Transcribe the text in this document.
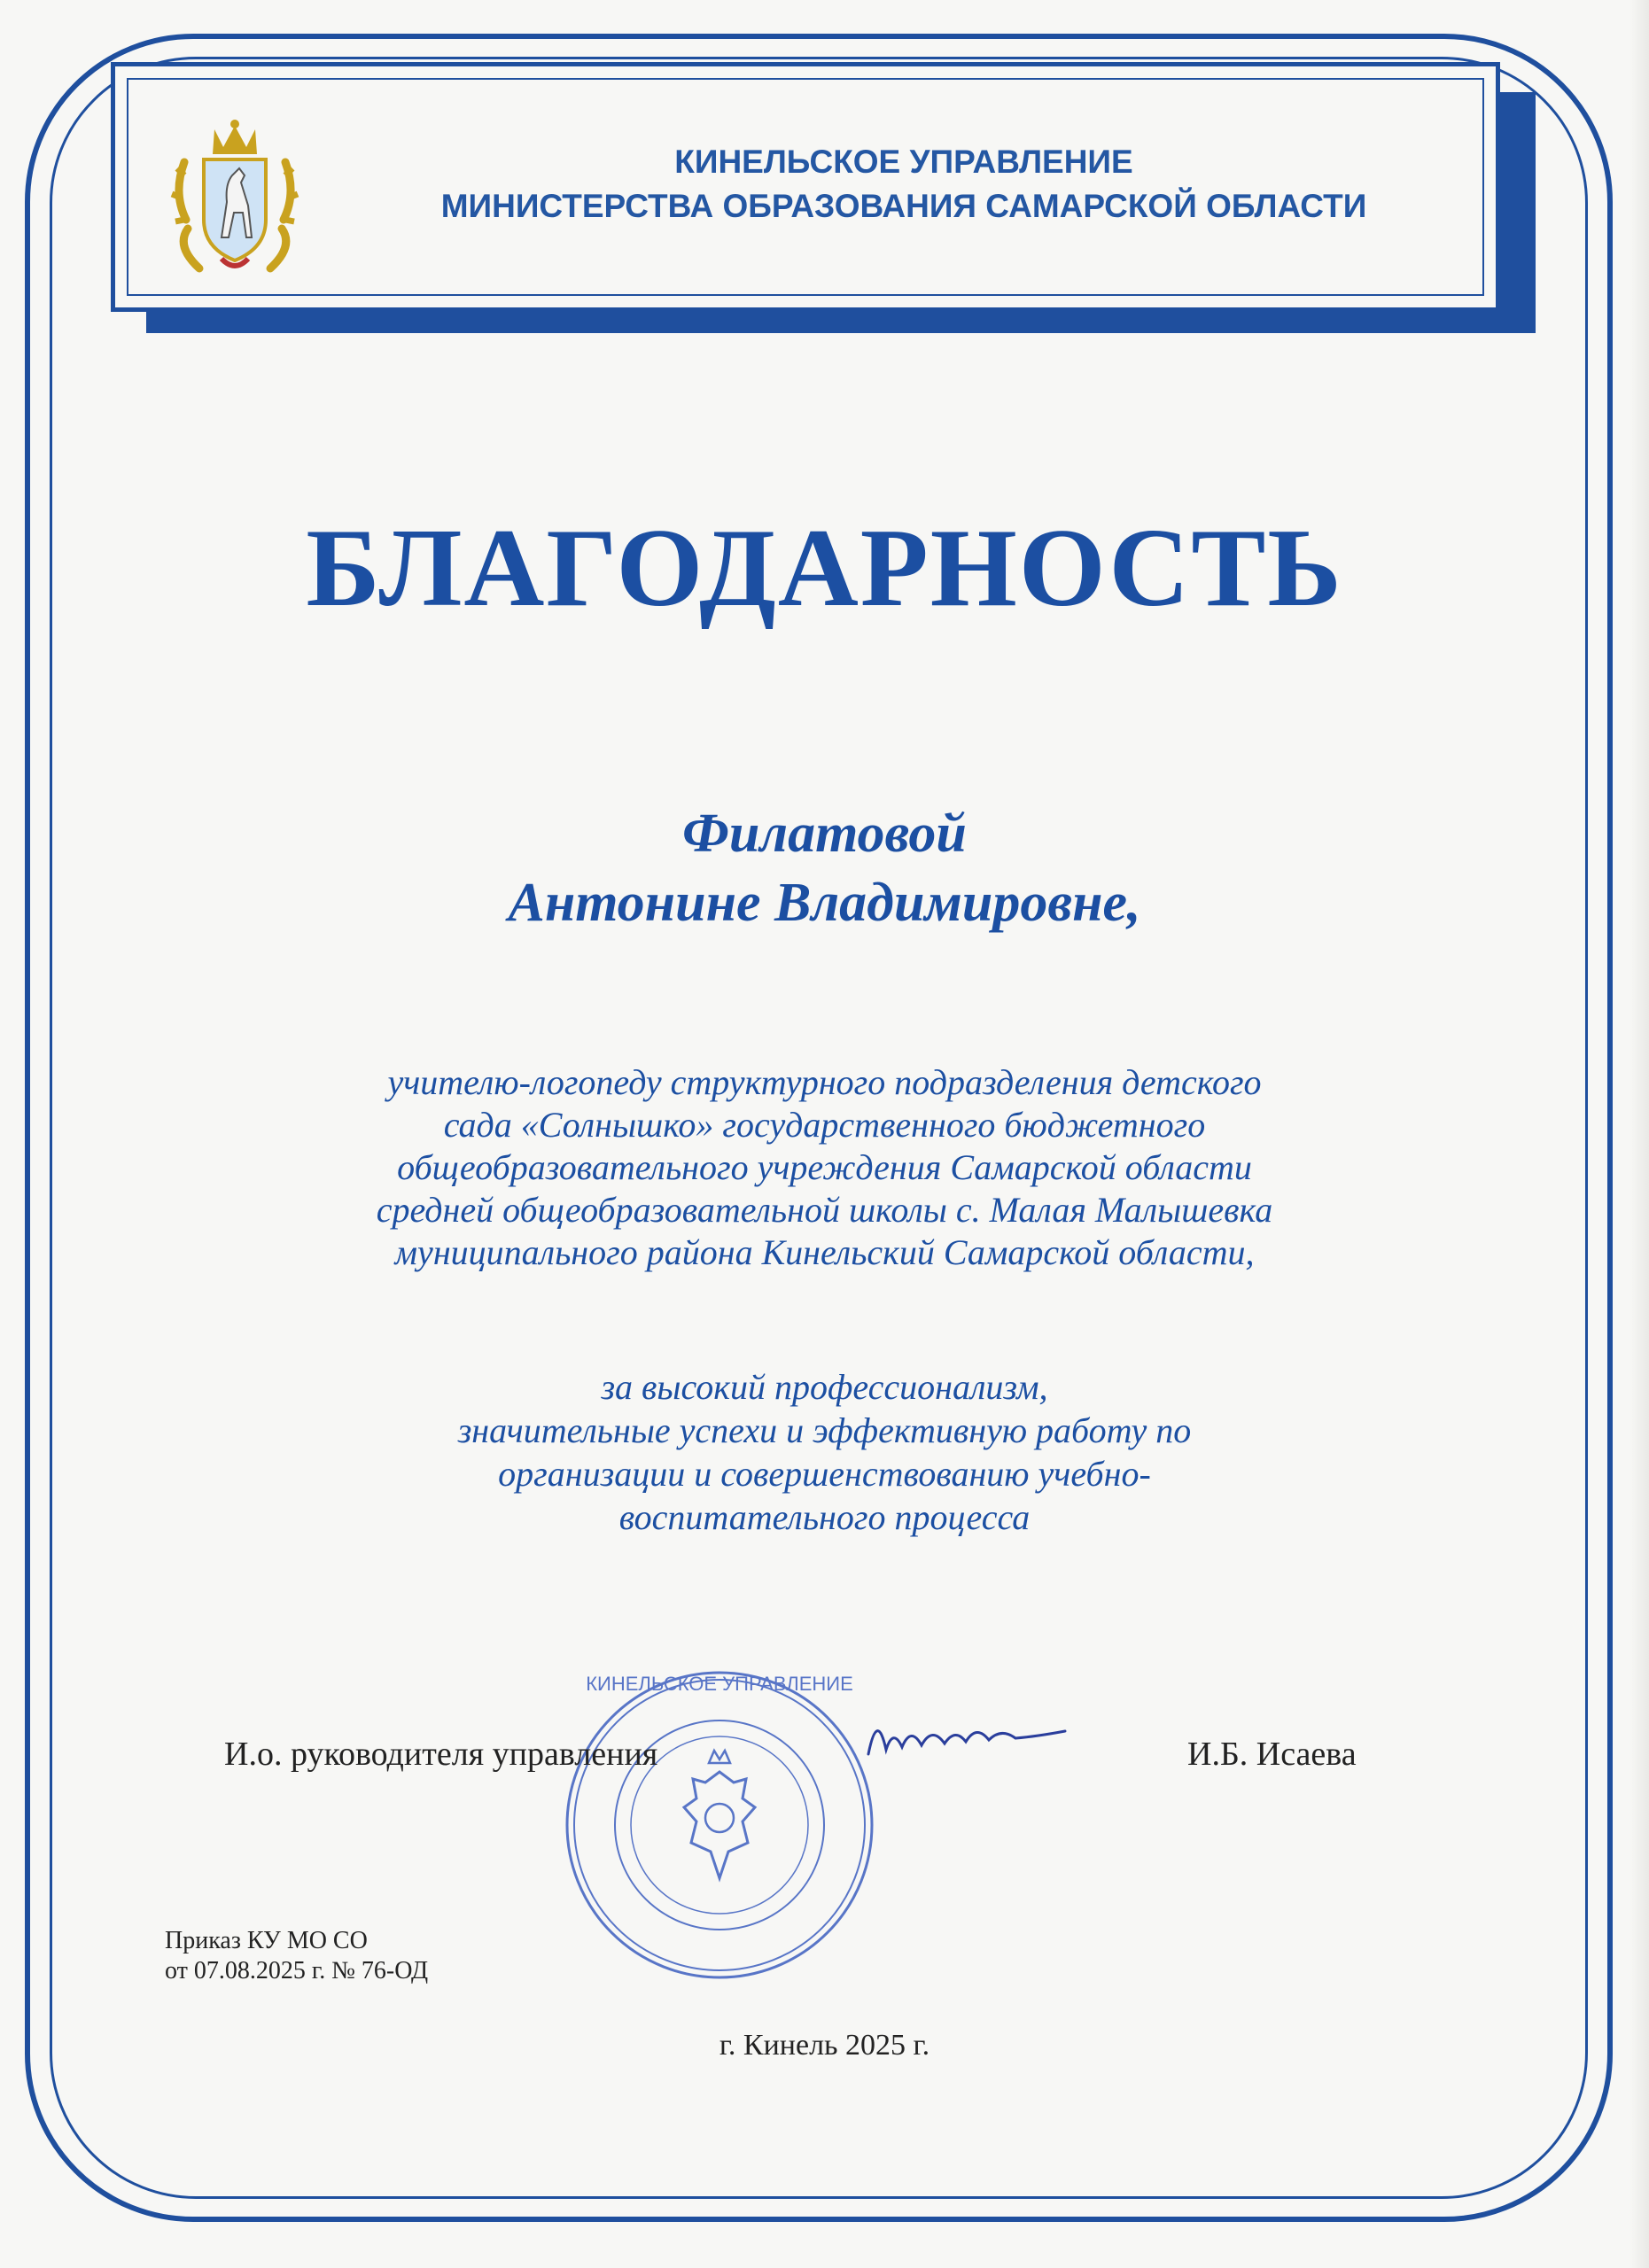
КИНЕЛЬСКОЕ УПРАВЛЕНИЕ
МИНИСТЕРСТВА ОБРАЗОВАНИЯ САМАРСКОЙ ОБЛАСТИ
БЛАГОДАРНОСТЬ
Филатовой
Антонине Владимировне,
учителю-логопеду структурного подразделения детского
сада «Солнышко» государственного бюджетного
общеобразовательного учреждения Самарской области
средней общеобразовательной школы с. Малая Малышевка
муниципального района Кинельский Самарской области,
за высокий профессионализм,
значительные успехи и эффективную работу по
организации и совершенствованию учебно-
воспитательного процесса
КИНЕЛЬСКОЕ УПРАВЛЕНИЕ
И.о. руководителя управления	И.Б. Исаева
Приказ КУ МО СО
от 07.08.2025 г. № 76-ОД
г. Кинель 2025 г.
